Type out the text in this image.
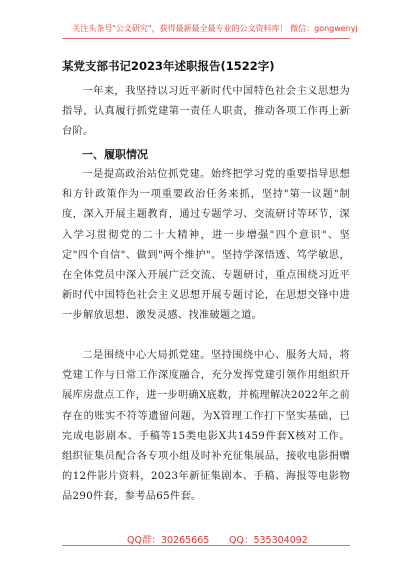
关注头条号"公文研究"，获得最新最全最专业的公文资料库！ 微信：gongwenyj
某党支部书记2023年述职报告(1522字)

一年来，我坚持以习近平新时代中国特色社会主义思想为指导，认真履行抓党建第一责任人职责，推动各项工作再上新台阶。

一、履职情况

一是提高政治站位抓党建。始终把学习党的重要指导思想和方针政策作为一项重要政治任务来抓，坚持"第一议题"制度，深入开展主题教育，通过专题学习、交流研讨等环节，深入学习贯彻党的二十大精神，进一步增强"四个意识"、坚定"四个自信"、做到"两个维护"。坚持学深悟透、笃学敏思，在全体党员中深入开展广泛交流、专题研讨，重点围绕习近平新时代中国特色社会主义思想开展专题讨论，在思想交锋中进一步解放思想、激发灵感、找准破题之道。

二是围绕中心大局抓党建。坚持围绕中心、服务大局，将党建工作与日常工作深度融合，充分发挥党建引领作用组织开展库房盘点工作，进一步明确X底数，并梳理解决2022年之前存在的账实不符等遗留问题，为X管理工作打下坚实基础，已完成电影剧本、手稿等15类电影X共1459件套X核对工作。组织征集员配合各专项小组及时补充征集展品，接收电影捐赠的12件影片资料，2023年新征集剧本、手稿、海报等电影物品290件套，参考品65件套。

QQ群：30265665 QQ：535304092
